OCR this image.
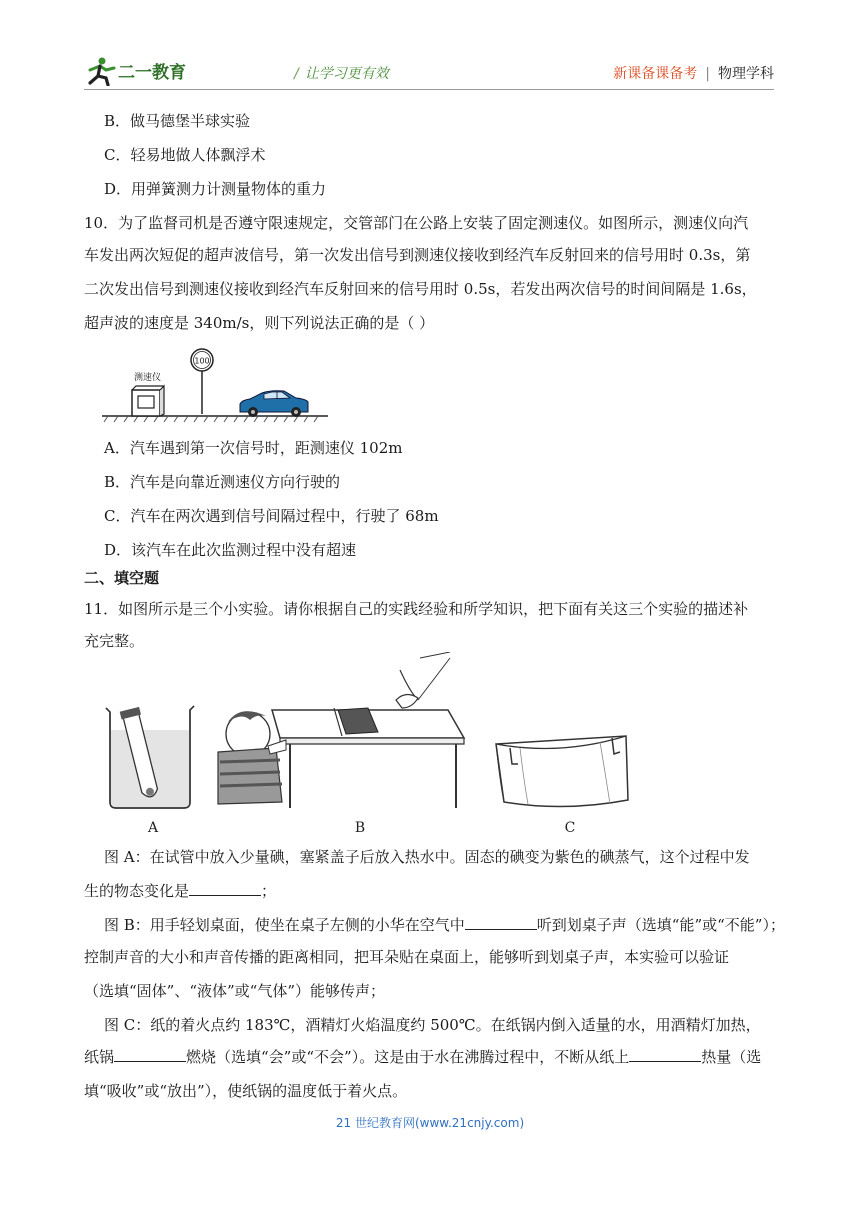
二一教育	/ 让学习更有效	新课备课备考 | 物理学科
B．做马德堡半球实验
C．轻易地做人体飘浮术
D．用弹簧测力计测量物体的重力
10．为了监督司机是否遵守限速规定，交管部门在公路上安装了固定测速仪。如图所示，测速仪向汽
车发出两次短促的超声波信号，第一次发出信号到测速仪接收到经汽车反射回来的信号用时 0.3s，第
二次发出信号到测速仪接收到经汽车反射回来的信号用时 0.5s，若发出两次信号的时间间隔是 1.6s，
超声波的速度是 340m/s，则下列说法正确的是（ ）
测速仪
100
A．汽车遇到第一次信号时，距测速仪 102m
B．汽车是向靠近测速仪方向行驶的
C．汽车在两次遇到信号间隔过程中，行驶了 68m
D．该汽车在此次监测过程中没有超速
二、填空题
11．如图所示是三个小实验。请你根据自己的实践经验和所学知识，把下面有关这三个实验的描述补
充完整。
A	B	C
图 A：在试管中放入少量碘，塞紧盖子后放入热水中。固态的碘变为紫色的碘蒸气，这个过程中发
生的物态变化是	；
图 B：用手轻划桌面，使坐在桌子左侧的小华在空气中	听到划桌子声（选填“能”或“不能”）；
控制声音的大小和声音传播的距离相同，把耳朵贴在桌面上，能够听到划桌子声，本实验可以验证
（选填“固体”、“液体”或“气体”）能够传声；
图 C：纸的着火点约 183℃，酒精灯火焰温度约 500℃。在纸锅内倒入适量的水，用酒精灯加热，
纸锅	燃烧（选填“会”或“不会”）。这是由于水在沸腾过程中，不断从纸上	热量（选
填“吸收”或“放出”），使纸锅的温度低于着火点。
21 世纪教育网(www.21cnjy.com)
